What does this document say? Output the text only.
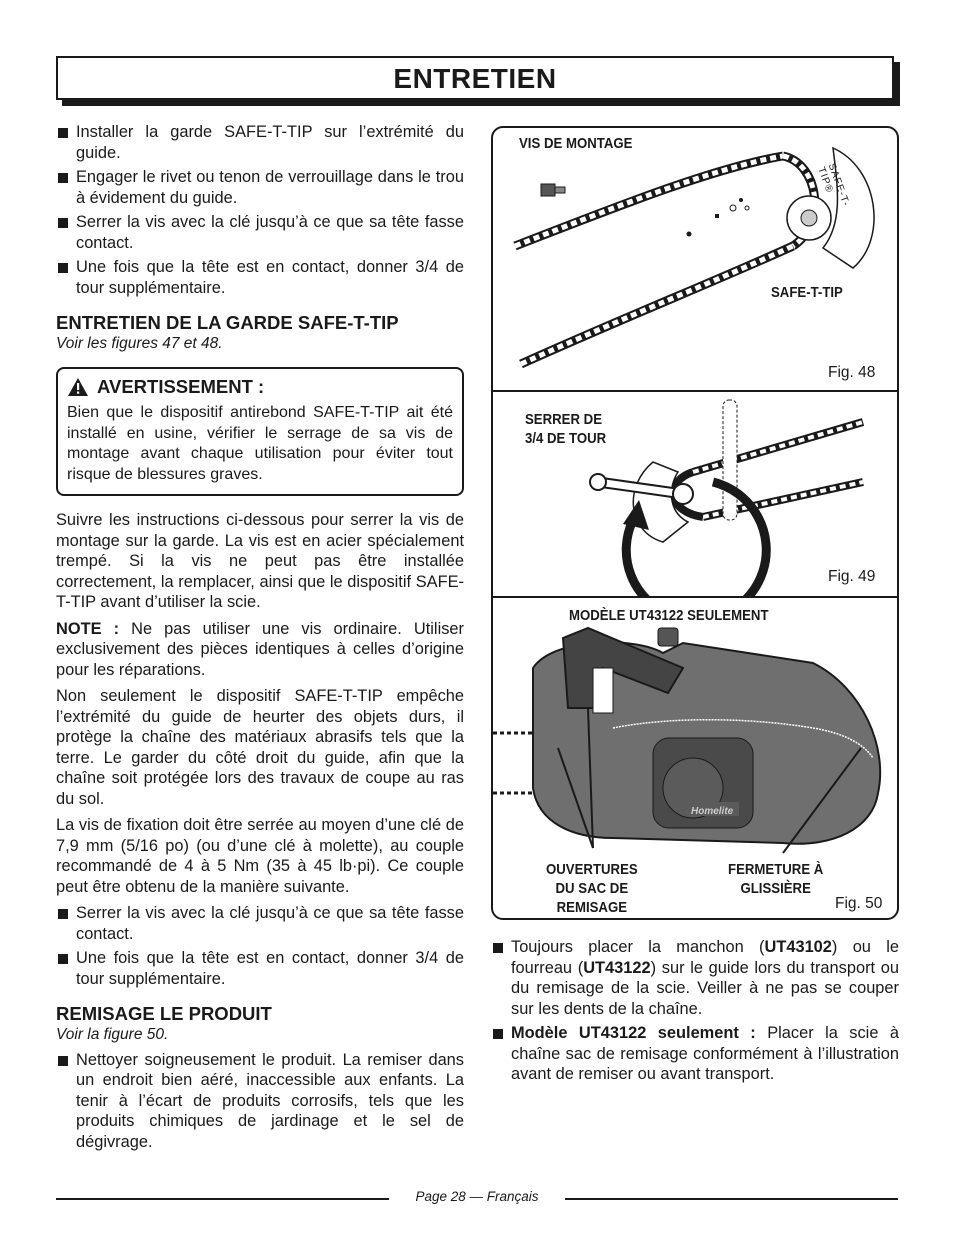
ENTRETIEN
Installer la garde SAFE-T-TIP sur l’extrémité du guide.
Engager le rivet ou tenon de verrouillage dans le trou à évidement du guide.
Serrer la vis avec la clé jusqu’à ce que sa tête fasse contact.
Une fois que la tête est en contact, donner 3/4 de tour supplémentaire.
ENTRETIEN DE LA GARDE SAFE-T-TIP
Voir les figures 47 et 48.
AVERTISSEMENT :
Bien que le dispositif antirebond SAFE-T-TIP ait été installé en usine, vérifier le serrage de sa vis de montage avant chaque utilisation pour éviter tout risque de blessures graves.

Suivre les instructions ci-dessous pour serrer la vis de montage sur la garde. La vis est en acier spécialement trempé. Si la vis ne peut pas être installée correctement, la remplacer, ainsi que le dispositif SAFE-T-TIP avant d’utiliser la scie.

NOTE : Ne pas utiliser une vis ordinaire. Utiliser exclusivement des pièces identiques à celles d’origine pour les réparations.

Non seulement le dispositif SAFE-T-TIP empêche l’extrémité du guide de heurter des objets durs, il protège la chaîne des matériaux abrasifs tels que la terre. Le garder du côté droit du guide, afin que la chaîne soit protégée lors des travaux de coupe au ras du sol.

La vis de fixation doit être serrée au moyen d’une clé de 7,9 mm (5/16 po) (ou d’une clé à molette), au couple recommandé de 4 à 5 Nm (35 à 45 lb·pi). Ce couple peut être obtenu de la manière suivante.

Serrer la vis avec la clé jusqu’à ce que sa tête fasse contact.
Une fois que la tête est en contact, donner 3/4 de tour supplémentaire.
REMISAGE LE PRODUIT
Voir la figure 50.
Nettoyer soigneusement le produit. La remiser dans un endroit bien aéré, inaccessible aux enfants. La tenir à l’écart de produits corrosifs, tels que les produits chimiques de jardinage et le sel de dégivrage.
VIS DE MONTAGE
SAFE-T-TIP
SAFE-T-TIP®
Fig. 48
SERRER DE
3/4 DE TOUR
Fig. 49
MODÈLE UT43122 SEULEMENT
Homelite
OUVERTURES
DU SAC DE
REMISAGE
FERMETURE À
GLISSIÈRE
Fig. 50
Toujours placer la manchon (UT43102) ou le fourreau (UT43122) sur le guide lors du transport ou du remisage de la scie. Veiller à ne pas se couper sur les dents de la chaîne.
Modèle UT43122 seulement : Placer la scie à chaîne sac de remisage conformément à l’illustration avant de remiser ou avant transport.
Page 28 — Français
